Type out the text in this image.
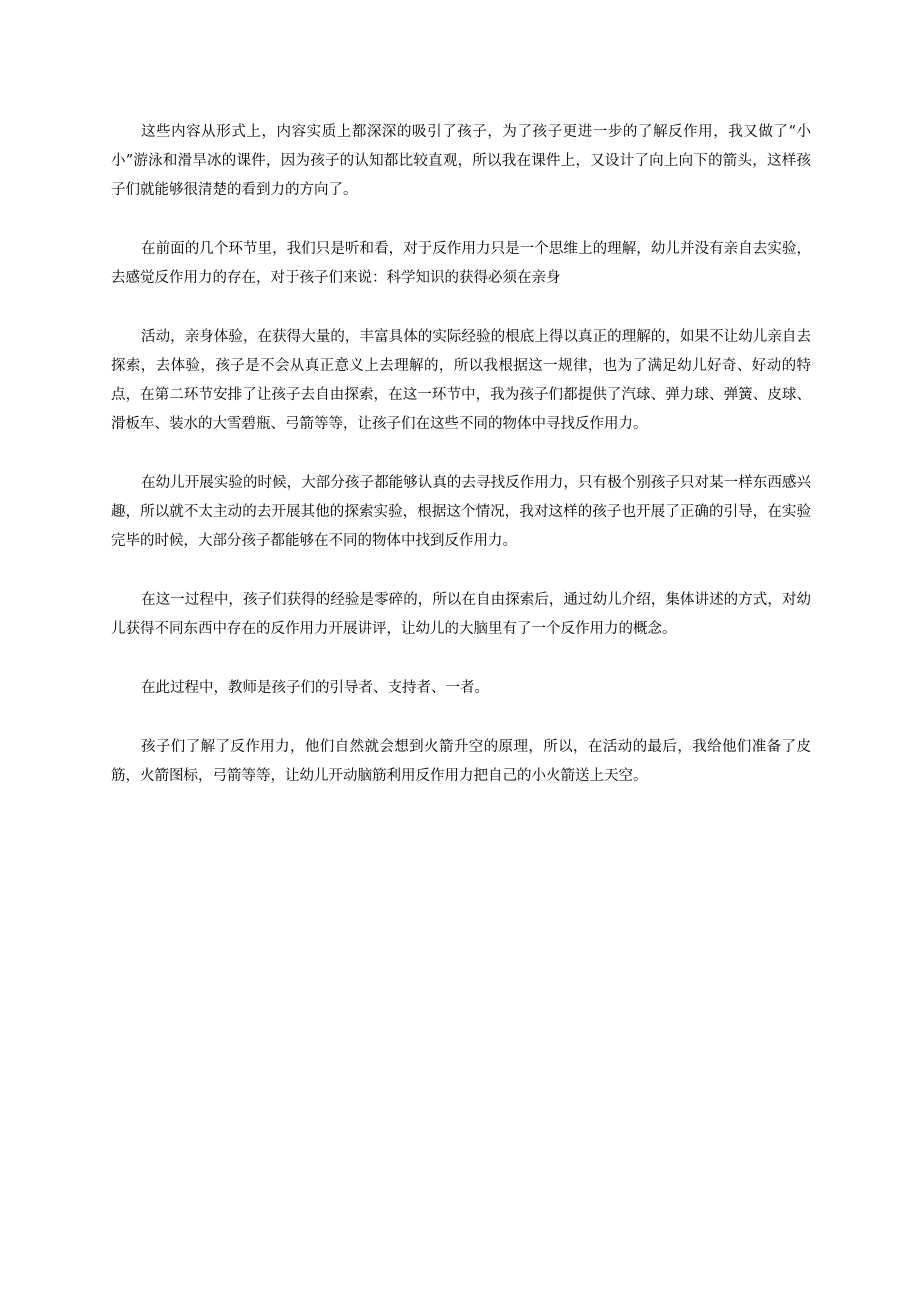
这些内容从形式上，内容实质上都深深的吸引了孩子，为了孩子更进一步的了解反作用，我又做了“小小”游泳和滑旱冰的课件，因为孩子的认知都比较直观，所以我在课件上，又设计了向上向下的箭头，这样孩子们就能够很清楚的看到力的方向了。

在前面的几个环节里，我们只是听和看，对于反作用力只是一个思维上的理解，幼儿并没有亲自去实验，去感觉反作用力的存在，对于孩子们来说：科学知识的获得必须在亲身

活动，亲身体验，在获得大量的，丰富具体的实际经验的根底上得以真正的理解的，如果不让幼儿亲自去探索，去体验，孩子是不会从真正意义上去理解的，所以我根据这一规律，也为了满足幼儿好奇、好动的特点，在第二环节安排了让孩子去自由探索，在这一环节中，我为孩子们都提供了汽球、弹力球、弹簧、皮球、滑板车、装水的大雪碧瓶、弓箭等等，让孩子们在这些不同的物体中寻找反作用力。

在幼儿开展实验的时候，大部分孩子都能够认真的去寻找反作用力，只有极个别孩子只对某一样东西感兴趣，所以就不太主动的去开展其他的探索实验，根据这个情况，我对这样的孩子也开展了正确的引导，在实验完毕的时候，大部分孩子都能够在不同的物体中找到反作用力。

在这一过程中，孩子们获得的经验是零碎的，所以在自由探索后，通过幼儿介绍，集体讲述的方式，对幼儿获得不同东西中存在的反作用力开展讲评，让幼儿的大脑里有了一个反作用力的概念。

在此过程中，教师是孩子们的引导者、支持者、一者。

孩子们了解了反作用力，他们自然就会想到火箭升空的原理，所以，在活动的最后，我给他们准备了皮筋，火箭图标，弓箭等等，让幼儿开动脑筋利用反作用力把自己的小火箭送上天空。
